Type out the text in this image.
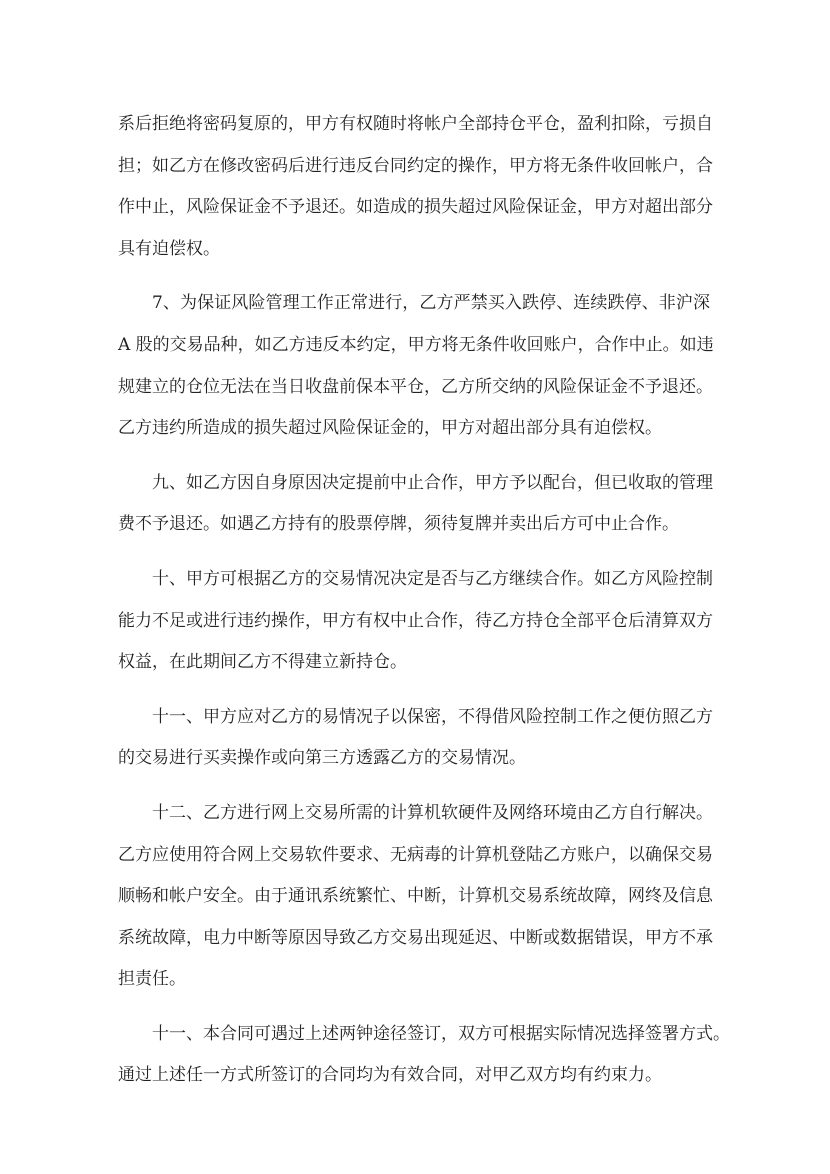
系后拒绝将密码复原的，甲方有权随时将帐户全部持仓平仓，盈利扣除，亏损自
担；如乙方在修改密码后进行违反台同约定的操作，甲方将无条件收回帐户，合
作中止，风险保证金不予退还。如造成的损失超过风险保证金，甲方对超出部分
具有迫偿权。
7、为保证风险管理工作正常进行，乙方严禁买入跌停、连续跌停、非沪深
A 股的交易品种，如乙方违反本约定，甲方将无条件收回账户，合作中止。如违
规建立的仓位无法在当日收盘前保本平仓，乙方所交纳的风险保证金不予退还。
乙方违约所造成的损失超过风险保证金的，甲方对超出部分具有迫偿权。
九、如乙方因自身原因决定提前中止合作，甲方予以配台，但已收取的管理
费不予退还。如遇乙方持有的股票停牌，须待复牌并卖出后方可中止合作。
十、甲方可根据乙方的交易情况决定是否与乙方继续合作。如乙方风险控制
能力不足或进行违约操作，甲方有权中止合作，待乙方持仓全部平仓后清算双方
权益，在此期间乙方不得建立新持仓。
十一、甲方应对乙方的易情况子以保密，不得借风险控制工作之便仿照乙方
的交易进行买卖操作或向第三方透露乙方的交易情况。
十二、乙方进行网上交易所需的计算机软硬件及网络环境由乙方自行解决。
乙方应使用符合网上交易软件要求、无病毒的计算机登陆乙方账户，以确保交易
顺畅和帐户安全。由于通讯系统繁忙、中断，计算机交易系统故障，网终及信息
系统故障，电力中断等原因导致乙方交易出现延迟、中断或数据错误，甲方不承
担责任。
十一、本合同可遇过上述两钟途径签订，双方可根据实际情况选择签署方式。
通过上述任一方式所签订的合同均为有效合同，对甲乙双方均有约束力。
